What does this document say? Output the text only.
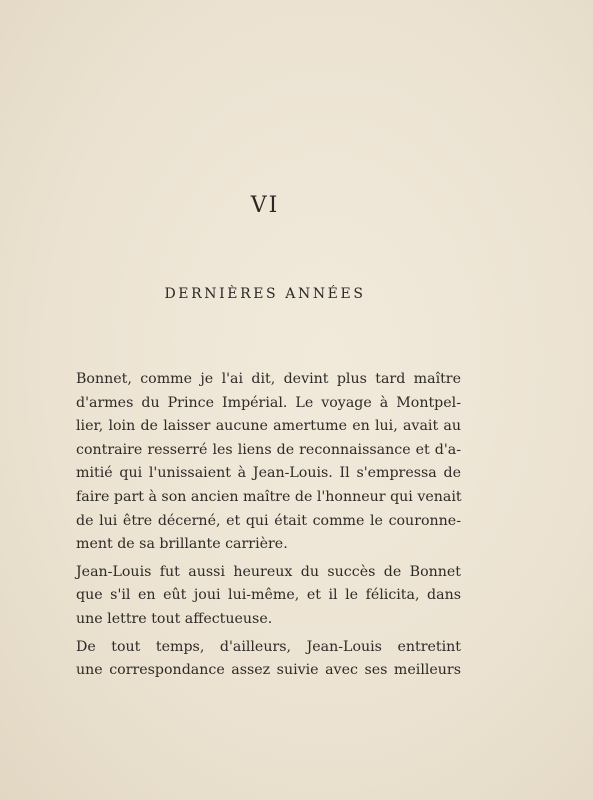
VI
DERNIÈRES ANNÉES
Bonnet, comme je l'ai dit, devint plus tard maître
d'armes du Prince Impérial. Le voyage à Montpel-
lier, loin de laisser aucune amertume en lui, avait au
contraire resserré les liens de reconnaissance et d'a-
mitié qui l'unissaient à Jean-Louis. Il s'empressa de
faire part à son ancien maître de l'honneur qui venait
de lui être décerné, et qui était comme le couronne-
ment de sa brillante carrière.
Jean-Louis fut aussi heureux du succès de Bonnet
que s'il en eût joui lui-même, et il le félicita, dans
une lettre tout affectueuse.
De tout temps, d'ailleurs, Jean-Louis entretint
une correspondance assez suivie avec ses meilleurs
